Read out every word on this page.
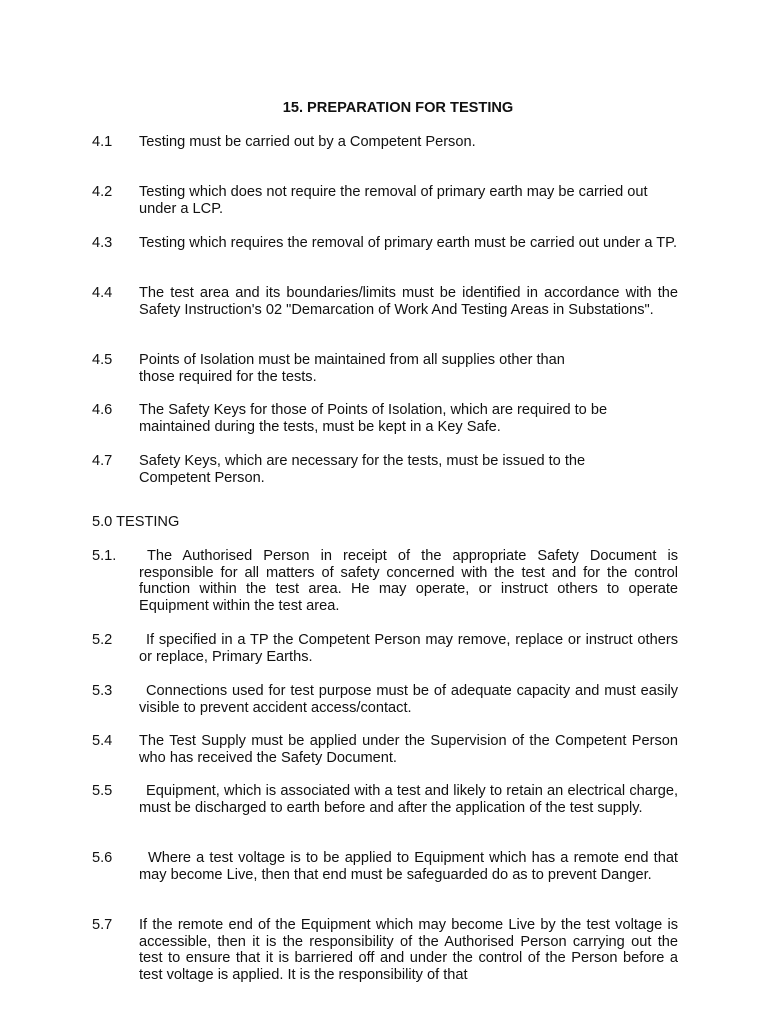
15. PREPARATION FOR TESTING
4.1	Testing must be carried out by a Competent Person.
4.2	Testing which does not require the removal of primary earth may be carried out under a LCP.
4.3	Testing which requires the removal of primary earth must be carried out under a TP.
4.4	The test area and its boundaries/limits must be identified in accordance with the Safety Instruction's 02 "Demarcation of Work And Testing Areas in Substations".
4.5	Points of Isolation must be maintained from all supplies other than those required for the tests.
4.6	The Safety Keys for those of Points of Isolation, which are required to be maintained during the tests, must be kept in a Key Safe.
4.7	Safety Keys, which are necessary for the tests, must be issued to the Competent Person.
5.0 TESTING
5.1.	The Authorised Person in receipt of the appropriate Safety Document is responsible for all matters of safety concerned with the test and for the control function within the test area. He may operate, or instruct others to operate Equipment within the test area.
5.2	If specified in a TP the Competent Person may remove, replace or instruct others or replace, Primary Earths.
5.3	Connections used for test purpose must be of adequate capacity and must easily visible to prevent accident access/contact.
5.4	The Test Supply must be applied under the Supervision of the Competent Person who has received the Safety Document.
5.5	Equipment, which is associated with a test and likely to retain an electrical charge, must be discharged to earth before and after the application of the test supply.
5.6	Where a test voltage is to be applied to Equipment which has a remote end that may become Live, then that end must be safeguarded do as to prevent Danger.
5.7	If the remote end of the Equipment which may become Live by the test voltage is accessible, then it is the responsibility of the Authorised Person carrying out the test to ensure that it is barriered off and under the control of the Person before a test voltage is applied. It is the responsibility of that
